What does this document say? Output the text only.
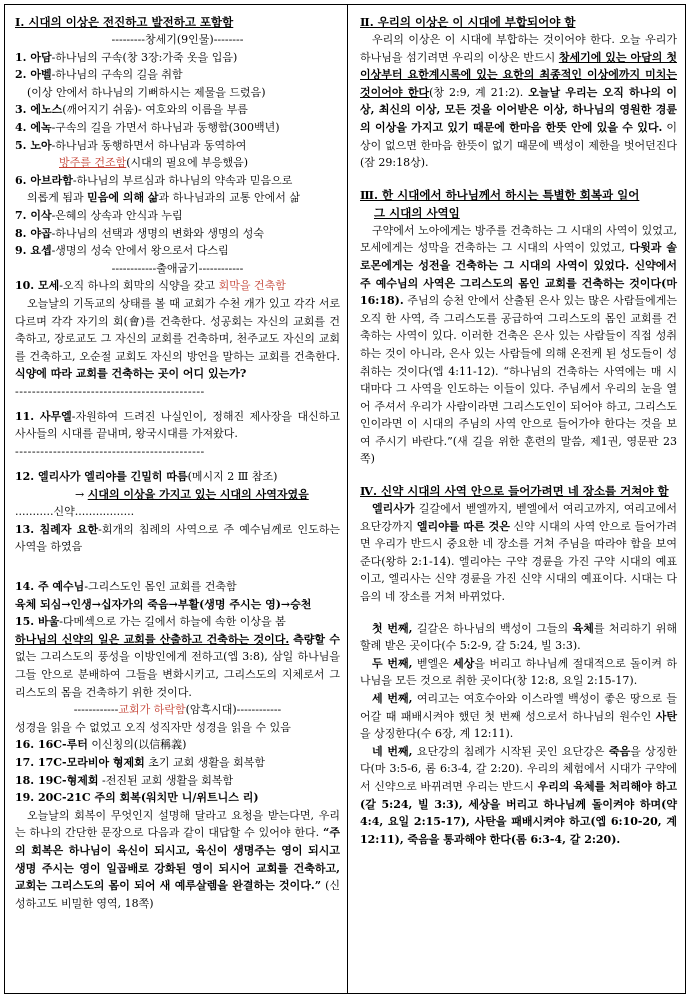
Ⅰ. 시대의 이상은 전진하고 발전하고 포함함
---------창세기(9인물)--------
1. 아담-하나님의 구속(창 3장:가죽 옷을 입음)
2. 아벨-하나님의 구속의 길을 취함
(이상 안에서 하나님의 기뻐하시는 제물을 드렸음)
3. 에노스(깨어지기 쉬움)- 여호와의 이름을 부름
4. 에녹-구속의 길을 가면서 하나님과 동행함(300백년)
5. 노아-하나님과 동행하면서 하나님과 동역하여
방주를 건조함(시대의 필요에 부응했음)
6. 아브라함-하나님의 부르심과 하나님의 약속과 믿음으로
의롭게 됨과 믿음에 의해 삶과 하나님과의 교통 안에서 삶
7. 이삭-은혜의 상속과 안식과 누림
8. 야곱-하나님의 선택과 생명의 변화와 생명의 성숙
9. 요셉-생명의 성숙 안에서 왕으로서 다스림
------------출애굽기------------
10. 모세-오직 하나의 회막의 식양을 갖고 회막을 건축함
오늘날의 기독교의 상태를 볼 때 교회가 수천 개가 있고 각각 서로 다르며 각각 자기의 회(會)를 건축한다. 성공회는 자신의 교회를 건축하고, 장로교도 그 자신의 교회를 건축하며, 천주교도 자신의 교회를 건축하고, 오순절 교회도 자신의 방언을 말하는 교회를 건축한다. 식양에 따라 교회를 건축하는 곳이 어디 있는가?
---------------------------------------------
11. 사무엘-자원하여 드려진 나실인이, 정해진 제사장을 대신하고 사사들의 시대를 끝내며, 왕국시대를 가져왔다.
---------------------------------------------
12. 엘리사가 엘리야를 긴밀히 따름(메시지 2 Ⅲ 참조)
→ 시대의 이상을 가지고 있는 시대의 사역자였음
...........신약.................
13. 침례자 요한-회개의 침례의 사역으로 주 예수님께로 인도하는 사역을 하였음
14. 주 예수님-그리스도인 몸인 교회를 건축함
육체 되심→인생→십자가의 죽음→부활(생명 주시는 영)→승천
15. 바울-다메섹으로 가는 길에서 하늘에 속한 이상을 봄
하나님의 신약의 일은 교회를 산출하고 건축하는 것이다. 측량할 수 없는 그리스도의 풍성을 이방인에게 전하고(엡 3:8), 삼일 하나님을 그들 안으로 분배하여 그들을 변화시키고, 그리스도의 지체로서 그리스도의 몸을 건축하기 위한 것이다.
------------교회가 하락함(암흑시대)------------
성경을 읽을 수 없었고 오직 성직자만 성경을 읽을 수 있음
16. 16C-루터 이신칭의(以信稱義)
17. 17C-모라비아 형제회 초기 교회 생활을 회복함
18. 19C-형제회 -전진된 교회 생활을 회복함
19. 20C-21C 주의 회복(워치만 니/위트니스 리)
오늘날의 회복이 무엇인지 설명해 달라고 요청을 받는다면, 우리는 하나의 간단한 문장으로 다음과 같이 대답할 수 있어야 한다. “주의 회복은 하나님이 육신이 되시고, 육신이 생명주는 영이 되시고 생명 주시는 영이 일곱배로 강화된 영이 되시어 교회를 건축하고, 교회는 그리스도의 몸이 되어 새 예루살렘을 완결하는 것이다.” (신성하고도 비밀한 영역, 18쪽)
Ⅱ. 우리의 이상은 이 시대에 부합되어야 함
우리의 이상은 이 시대에 부합하는 것이어야 한다. 오늘 우리가 하나님을 섬기려면 우리의 이상은 반드시 창세기에 있는 아담의 첫 이상부터 요한계시록에 있는 요한의 최종적인 이상에까지 미치는 것이어야 한다(창 2:9, 계 21:2). 오늘날 우리는 오직 하나의 이상, 최신의 이상, 모든 것을 이어받은 이상, 하나님의 영원한 경륜의 이상을 가지고 있기 때문에 한마음 한뜻 안에 있을 수 있다. 이상이 없으면 한마음 한뜻이 없기 때문에 백성이 제한을 벗어던진다(잠 29:18상).
Ⅲ. 한 시대에서 하나님께서 하시는 특별한 회복과 일어
그 시대의 사역임
구약에서 노아에게는 방주를 건축하는 그 시대의 사역이 있었고, 모세에게는 성막을 건축하는 그 시대의 사역이 있었고, 다윗과 솔로몬에게는 성전을 건축하는 그 시대의 사역이 있었다. 신약에서 주 예수님의 사역은 그리스도의 몸인 교회를 건축하는 것이다(마 16:18). 주님의 승천 안에서 산출된 은사 있는 많은 사람들에게는 오직 한 사역, 즉 그리스도를 공급하여 그리스도의 몸인 교회를 건축하는 사역이 있다. 이러한 건축은 은사 있는 사람들이 직접 성취하는 것이 아니라, 은사 있는 사람들에 의해 온전케 된 성도들이 성취하는 것이다(엡 4:11-12). “하나님의 건축하는 사역에는 매 시대마다 그 사역을 인도하는 이들이 있다. 주님께서 우리의 눈을 열어 주셔서 우리가 사람이라면 그리스도인이 되어야 하고, 그리스도인이라면 이 시대의 주님의 사역 안으로 들어가야 한다는 것을 보여 주시기 바란다.”(새 길을 위한 훈련의 말씀, 제1권, 영문판 23쪽)
Ⅳ. 신약 시대의 사역 안으로 들어가려면 네 장소를 거쳐야 함
엘리사가 길갈에서 벧엘까지, 벧엘에서 여리고까지, 여리고에서 요단강까지 엘리야를 따른 것은 신약 시대의 사역 안으로 들어가려면 우리가 반드시 중요한 네 장소를 거쳐 주님을 따라야 함을 보여 준다(왕하 2:1-14). 엘리야는 구약 경륜을 가진 구약 시대의 예표이고, 엘리사는 신약 경륜을 가진 신약 시대의 예표이다. 시대는 다음의 네 장소를 거쳐 바뀌었다.
첫 번째, 길갈은 하나님의 백성이 그들의 육체를 처리하기 위해 할례 받은 곳이다(수 5:2-9, 갈 5:24, 빌 3:3).
두 번째, 벧엘은 세상을 버리고 하나님께 절대적으로 돌이켜 하나님을 모든 것으로 취한 곳이다(창 12:8, 요일 2:15-17).
세 번째, 여리고는 여호수아와 이스라엘 백성이 좋은 땅으로 들어갈 때 패배시켜야 했던 첫 번째 성으로서 하나님의 원수인 사탄을 상징한다(수 6장, 계 12:11).
네 번째, 요단강의 침례가 시작된 곳인 요단강은 죽음을 상징한다(마 3:5-6, 롬 6:3-4, 갈 2:20). 우리의 체험에서 시대가 구약에서 신약으로 바뀌려면 우리는 반드시 우리의 육체를 처리해야 하고(갈 5:24, 빌 3:3), 세상을 버리고 하나님께 돌이켜야 하며(약 4:4, 요일 2:15-17), 사탄을 패배시켜야 하고(엡 6:10-20, 계 12:11), 죽음을 통과해야 한다(롬 6:3-4, 갈 2:20).
